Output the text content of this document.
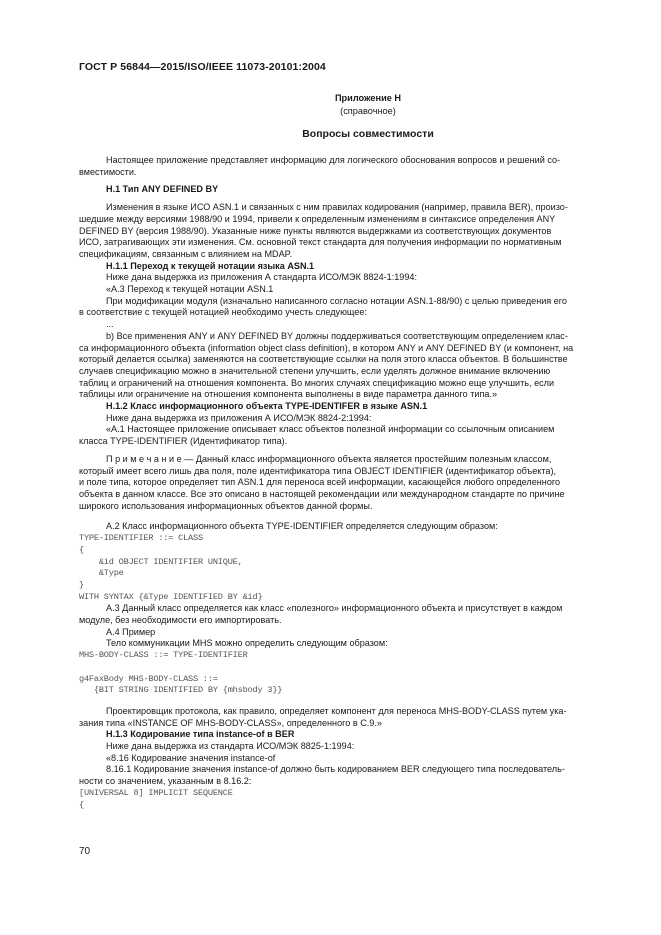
ГОСТ Р 56844—2015/ISO/IEEE 11073-20101:2004
Приложение Н
(справочное)
Вопросы совместимости

Настоящее приложение представляет информацию для логического обоснования вопросов и решений со-

вместимости.

Н.1 Тип ANY DEFINED BY

Изменения в языке ИСО ASN.1 и связанных с ним правилах кодирования (например, правила BER), произо-

шедшие между версиями 1988/90 и 1994, привели к определенным изменениям в синтаксисе определения ANY

DEFINED BY (версия 1988/90). Указанные ниже пункты являются выдержками из соответствующих документов

ИСО, затрагивающих эти изменения. См. основной текст стандарта для получения информации по нормативным

спецификациям, связанным с влиянием на MDAP.

Н.1.1 Переход к текущей нотации языка ASN.1

Ниже дана выдержка из приложения А стандарта ИСО/МЭК 8824-1:1994:

«А.3 Переход к текущей нотации ASN.1

При модификации модуля (изначально написанного согласно нотации ASN.1-88/90) с целью приведения его

в соответствие с текущей нотацией необходимо учесть следующее:

...

b) Все применения ANY и ANY DEFINED BY должны поддерживаться соответствующим определением клас-

са информационного объекта (information object class definition), в котором ANY и ANY DEFINED BY (и компонент, на

который делается ссылка) заменяются на соответствующие ссылки на поля этого класса объектов. В большинстве

случаев спецификацию можно в значительной степени улучшить, если уделять должное внимание включению

таблиц и ограничений на отношения компонента. Во многих случаях спецификацию можно еще улучшить, если

таблицы или ограничение на отношения компонента выполнены в виде параметра данного типа.»

Н.1.2 Класс информационного объекта TYPE-IDENTIFER в языке ASN.1

Ниже дана выдержка из приложения А ИСО/МЭК 8824-2:1994:

«А.1 Настоящее приложение описывает класс объектов полезной информации со ссылочным описанием

класса TYPE-IDENTIFIER (Идентификатор типа).

П р и м е ч а н и е — Данный класс информационного объекта является простейшим полезным классом,

который имеет всего лишь два поля, поле идентификатора типа OBJECT IDENTIFIER (идентификатор объекта),

и поле типа, которое определяет тип ASN.1 для переноса всей информации, касающейся любого определенного

объекта в данном классе. Все это описано в настоящей рекомендации или международном стандарте по причине

широкого использования информационных объектов данной формы.

А.2 Класс информационного объекта TYPE-IDENTIFIER определяется следующим образом:

TYPE-IDENTIFIER ::= CLASS
{
&id OBJECT IDENTIFIER UNIQUE,
&Type
}
WITH SYNTAX {&Type IDENTIFIED BY &id}

А.3 Данный класс определяется как класс «полезного» информационного объекта и присутствует в каждом

модуле, без необходимости его импортировать.

А.4 Пример

Тело коммуникации MHS можно определить следующим образом:

MHS-BODY-CLASS ::= TYPE-IDENTIFIER

g4FaxBody MHS-BODY-CLASS ::=
{BIT STRING IDENTIFIED BY {mhsbody 3}}

Проектировщик протокола, как правило, определяет компонент для переноса MHS-BODY-CLASS путем ука-

зания типа «INSTANCE OF MHS-BODY-CLASS», определенного в С.9.»

Н.1.3 Кодирование типа instance-of в BER

Ниже дана выдержка из стандарта ИСО/МЭК 8825-1:1994:

«8.16 Кодирование значения instance-of

8.16.1 Кодирование значения instance-of должно быть кодированием BER следующего типа последователь-

ности со значением, указанным в 8.16.2:

[UNIVERSAL 8] IMPLICIT SEQUENCE
{
70
